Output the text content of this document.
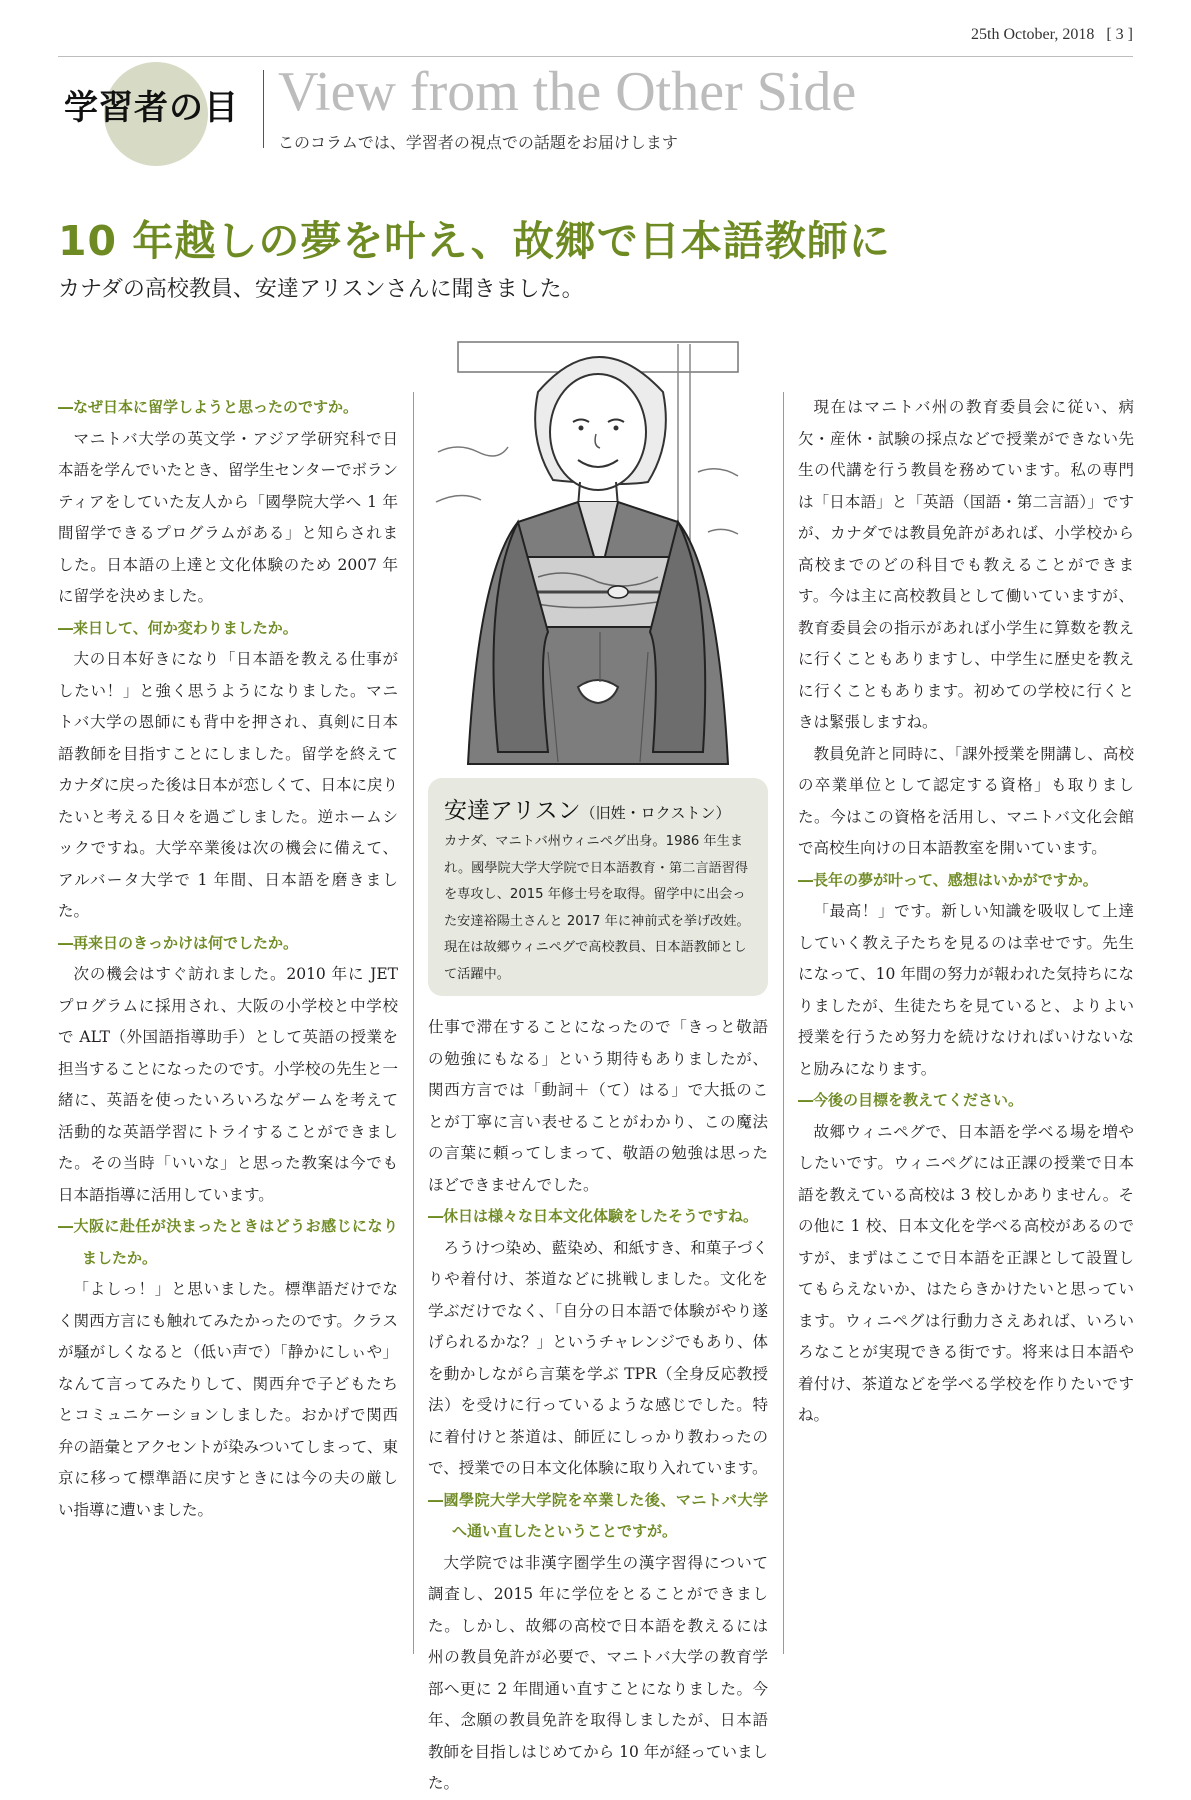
25th October, 2018 [ 3 ]
学習者の目 View from the Other Side
このコラムでは、学習者の視点での話題をお届けします
10 年越しの夢を叶え、故郷で日本語教師に
カナダの高校教員、安達アリスンさんに聞きました。

―なぜ日本に留学しようと思ったのですか。

マニトバ大学の英文学・アジア学研究科で日本語を学んでいたとき、留学生センターでボランティアをしていた友人から「國學院大学へ 1 年間留学できるプログラムがある」と知らされました。日本語の上達と文化体験のため 2007 年に留学を決めました。

―来日して、何か変わりましたか。

大の日本好きになり「日本語を教える仕事がしたい！」と強く思うようになりました。マニトバ大学の恩師にも背中を押され、真剣に日本語教師を目指すことにしました。留学を終えてカナダに戻った後は日本が恋しくて、日本に戻りたいと考える日々を過ごしました。逆ホームシックですね。大学卒業後は次の機会に備えて、アルバータ大学で 1 年間、日本語を磨きました。

―再来日のきっかけは何でしたか。

次の機会はすぐ訪れました。2010 年に JET プログラムに採用され、大阪の小学校と中学校で ALT（外国語指導助手）として英語の授業を担当することになったのです。小学校の先生と一緒に、英語を使ったいろいろなゲームを考えて活動的な英語学習にトライすることができました。その当時「いいな」と思った教案は今でも日本語指導に活用しています。

―大阪に赴任が決まったときはどうお感じになりましたか。

「よしっ！」と思いました。標準語だけでなく関西方言にも触れてみたかったのです。クラスが騒がしくなると（低い声で）「静かにしぃや」なんて言ってみたりして、関西弁で子どもたちとコミュニケーションしました。おかげで関西弁の語彙とアクセントが染みついてしまって、東京に移って標準語に戻すときには今の夫の厳しい指導に遭いました。

安達アリスン（旧姓・ロクストン）

カナダ、マニトバ州ウィニペグ出身。1986 年生まれ。國學院大学大学院で日本語教育・第二言語習得を専攻し、2015 年修士号を取得。留学中に出会った安達裕陽土さんと 2017 年に神前式を挙げ改姓。現在は故郷ウィニペグで高校教員、日本語教師として活躍中。

仕事で滞在することになったので「きっと敬語の勉強にもなる」という期待もありましたが、関西方言では「動詞＋（て）はる」で大抵のことが丁寧に言い表せることがわかり、この魔法の言葉に頼ってしまって、敬語の勉強は思ったほどできませんでした。

―休日は様々な日本文化体験をしたそうですね。

ろうけつ染め、藍染め、和紙すき、和菓子づくりや着付け、茶道などに挑戦しました。文化を学ぶだけでなく、「自分の日本語で体験がやり遂げられるかな？」というチャレンジでもあり、体を動かしながら言葉を学ぶ TPR（全身反応教授法）を受けに行っているような感じでした。特に着付けと茶道は、師匠にしっかり教わったので、授業での日本文化体験に取り入れています。

―國學院大学大学院を卒業した後、マニトバ大学へ通い直したということですが。

大学院では非漢字圏学生の漢字習得について調査し、2015 年に学位をとることができました。しかし、故郷の高校で日本語を教えるには州の教員免許が必要で、マニトバ大学の教育学部へ更に 2 年間通い直すことになりました。今年、念願の教員免許を取得しましたが、日本語教師を目指しはじめてから 10 年が経っていました。

現在はマニトバ州の教育委員会に従い、病欠・産休・試験の採点などで授業ができない先生の代講を行う教員を務めています。私の専門は「日本語」と「英語（国語・第二言語）」ですが、カナダでは教員免許があれば、小学校から高校までのどの科目でも教えることができます。今は主に高校教員として働いていますが、教育委員会の指示があれば小学生に算数を教えに行くこともありますし、中学生に歴史を教えに行くこともあります。初めての学校に行くときは緊張しますね。

教員免許と同時に、「課外授業を開講し、高校の卒業単位として認定する資格」も取りました。今はこの資格を活用し、マニトバ文化会館で高校生向けの日本語教室を開いています。

―長年の夢が叶って、感想はいかがですか。

「最高！」です。新しい知識を吸収して上達していく教え子たちを見るのは幸せです。先生になって、10 年間の努力が報われた気持ちになりましたが、生徒たちを見ていると、よりよい授業を行うため努力を続けなければいけないなと励みになります。

―今後の目標を教えてください。

故郷ウィニペグで、日本語を学べる場を増やしたいです。ウィニペグには正課の授業で日本語を教えている高校は 3 校しかありません。その他に 1 校、日本文化を学べる高校があるのですが、まずはここで日本語を正課として設置してもらえないか、はたらきかけたいと思っています。ウィニペグは行動力さえあれば、いろいろなことが実現できる街です。将来は日本語や着付け、茶道などを学べる学校を作りたいですね。
